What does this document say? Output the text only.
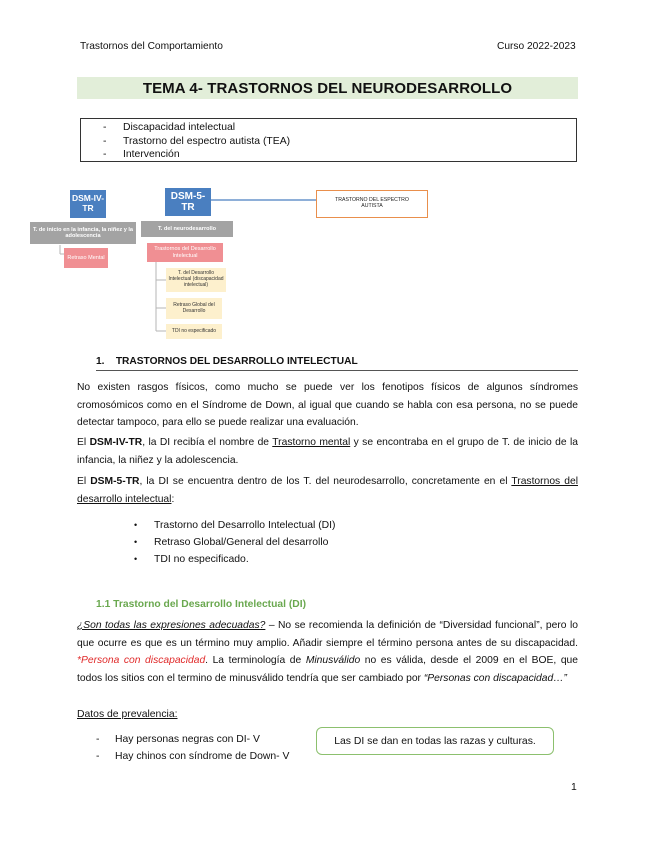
Trastornos del Comportamiento	Curso 2022-2023
TEMA 4- TRASTORNOS DEL NEURODESARROLLO
-	Discapacidad intelectual
-	Trastorno del espectro autista (TEA)
-	Intervención
DSM-IV-TR
T. de inicio en la infancia, la niñez y la adolescencia
Retraso Mental
DSM-5-TR
T. del neurodesarrollo
Trastornos del Desarrollo Intelectual
T. del Desarrollo Intelectual (discapacidad intelectual)
Retraso Global del Desarrollo
TDI no especificado
TRASTORNO DEL ESPECTRO AUTISTA
1. TRASTORNOS DEL DESARROLLO INTELECTUAL
No existen rasgos físicos, como mucho se puede ver los fenotipos físicos de algunos síndromes cromosómicos como en el Síndrome de Down, al igual que cuando se habla con esa persona, no se puede detectar tampoco, para ello se puede realizar una evaluación.
El DSM-IV-TR, la DI recibía el nombre de Trastorno mental y se encontraba en el grupo de T. de inicio de la infancia, la niñez y la adolescencia.
El DSM-5-TR, la DI se encuentra dentro de los T. del neurodesarrollo, concretamente en el Trastornos del desarrollo intelectual:
•	Trastorno del Desarrollo Intelectual (DI)
•	Retraso Global/General del desarrollo
•	TDI no especificado.
1.1 Trastorno del Desarrollo Intelectual (DI)
¿Son todas las expresiones adecuadas? – No se recomienda la definición de “Diversidad funcional”, pero lo que ocurre es que es un término muy amplio. Añadir siempre el término persona antes de su discapacidad. *Persona con discapacidad. La terminología de Minusválido no es válida, desde el 2009 en el BOE, que todos los sitios con el termino de minusválido tendría que ser cambiado por “Personas con discapacidad…”
Datos de prevalencia:
-	Hay personas negras con DI- V
-	Hay chinos con síndrome de Down- V
Las DI se dan en todas las razas y culturas.
1
